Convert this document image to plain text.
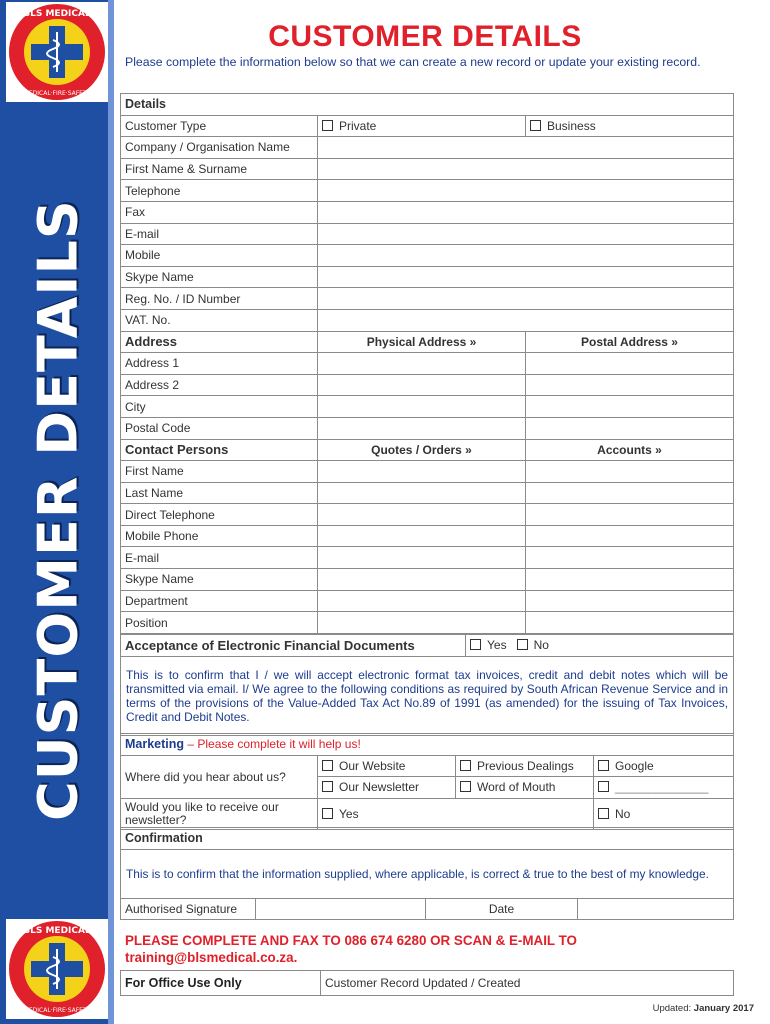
BLS MEDICAL
MEDICAL·FIRE·SAFETY
CUSTOMER DETAILS
BLS MEDICAL
MEDICAL·FIRE·SAFETY
CUSTOMER DETAILS
Please complete the information below so that we can create a new record or update your existing record.
Details		
Customer Type	Private	Business
Company / Organisation Name		
First Name & Surname		
Telephone		
Fax		
E-mail		
Mobile		
Skype Name		
Reg. No. / ID Number		
VAT. No.		
Address	Physical Address »	Postal Address »
Address 1		
Address 2		
City		
Postal Code		
Contact Persons	Quotes / Orders »	Accounts »
First Name		
Last Name		
Direct Telephone		
Mobile Phone		
E-mail		
Skype Name		
Department		
Position		
Acceptance of Electronic Financial Documents	Yes No
This is to confirm that I / we will accept electronic format tax invoices, credit and debit notes which will be transmitted via email. I/ We agree to the following conditions as required by South African Revenue Service and in terms of the provisions of the Value-Added Tax Act No.89 of 1991 (as amended) for the issuing of Tax Invoices, Credit and Debit Notes.
Marketing – Please complete it will help us!			
Where did you hear about us?	Our Website	Previous Dealings	Google
	Our Newsletter	Word of Mouth	______________
Would you like to receive our newsletter?	Yes		No
Confirmation
This is to confirm that the information supplied, where applicable, is correct & true to the best of my knowledge.
Authorised Signature		Date	
PLEASE COMPLETE AND FAX TO 086 674 6280 OR SCAN & E-MAIL TO
training@blsmedical.co.za.
For Office Use Only	Customer Record Updated / Created
Updated: January 2017
